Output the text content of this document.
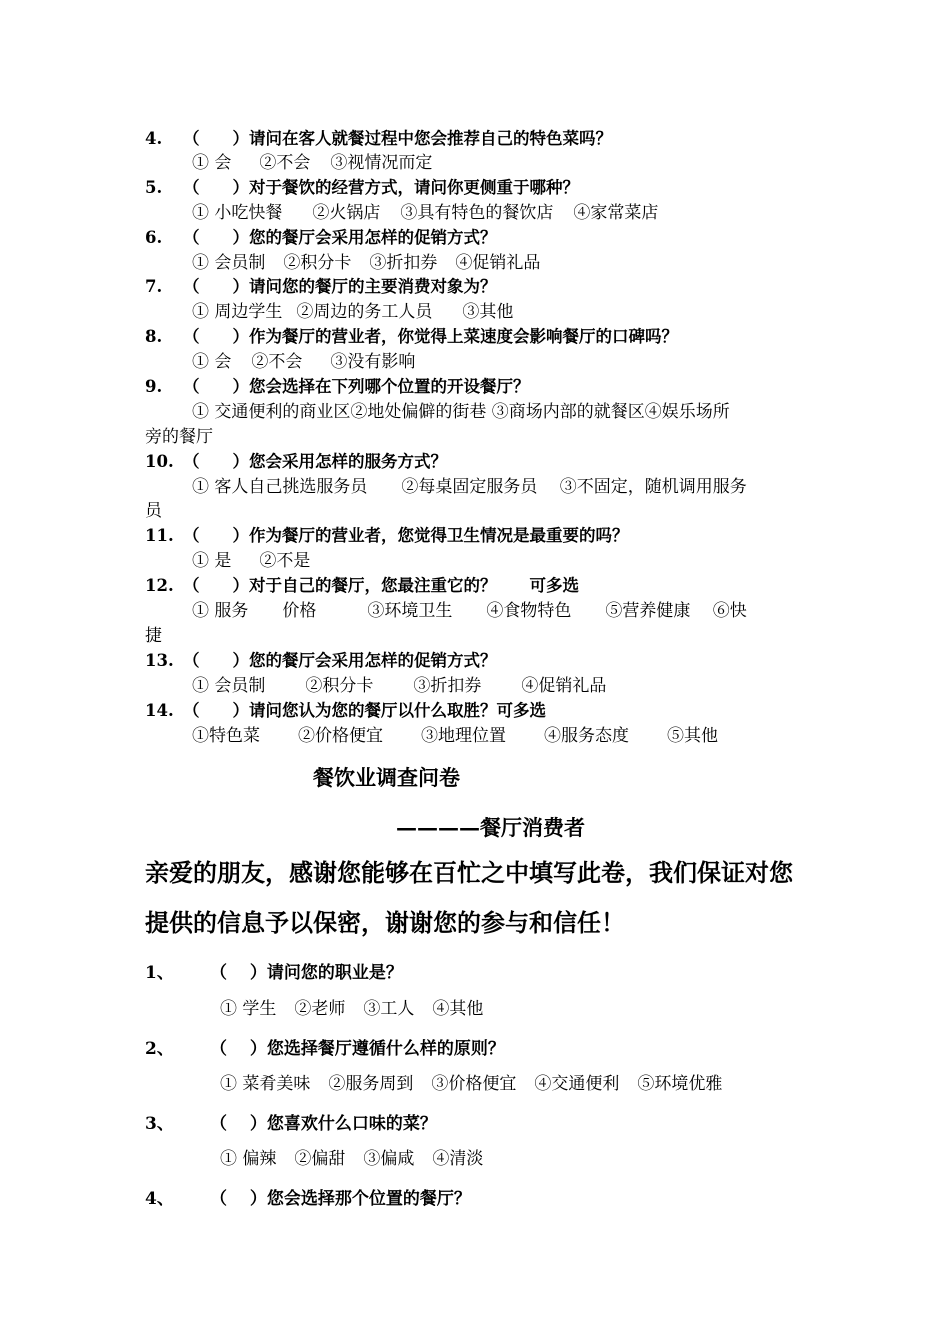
4. （　　）请问在客人就餐过程中您会推荐自己的特色菜吗？
① 会 ②不会 ③视情况而定
5. （　　）对于餐饮的经营方式，请问你更侧重于哪种？
① 小吃快餐 ②火锅店 ③具有特色的餐饮店 ④家常菜店
6. （　　）您的餐厅会采用怎样的促销方式？
① 会员制 ②积分卡 ③折扣券 ④促销礼品
7. （　　）请问您的餐厅的主要消费对象为？
① 周边学生 ②周边的务工人员 ③其他
8. （　　）作为餐厅的营业者，你觉得上菜速度会影响餐厅的口碑吗？
① 会 ②不会 ③没有影响
9. （　　）您会选择在下列哪个位置的开设餐厅？
① 交通便利的商业区②地处偏僻的街巷 ③商场内部的就餐区④娱乐场所
旁的餐厅
10. （　　）您会采用怎样的服务方式？
① 客人自己挑选服务员　　②每桌固定服务员　 ③不固定，随机调用服务
员
11. （　　）作为餐厅的营业者，您觉得卫生情况是最重要的吗？
① 是 ②不是
12. （　　）对于自己的餐厅，您最注重它的？　　可多选
① 服务　　价格　　　③环境卫生　　④食物特色　　⑤营养健康　 ⑥快
捷
13. （　　）您的餐厅会采用怎样的促销方式？
① 会员制 ②积分卡 ③折扣券 ④促销礼品
14. （　　）请问您认为您的餐厅以什么取胜？可多选
①特色菜 ②价格便宜 ③地理位置 ④服务态度 ⑤其他
餐饮业调查问卷
————餐厅消费者
亲爱的朋友，感谢您能够在百忙之中填写此卷，我们保证对您
提供的信息予以保密，谢谢您的参与和信任！
1、 （　 ）请问您的职业是？
① 学生 ②老师 ③工人 ④其他
2、 （　 ）您选择餐厅遵循什么样的原则？
① 菜肴美味 ②服务周到 ③价格便宜 ④交通便利 ⑤环境优雅
3、 （　 ）您喜欢什么口味的菜？
① 偏辣 ②偏甜 ③偏咸 ④清淡
4、 （　 ）您会选择那个位置的餐厅？
